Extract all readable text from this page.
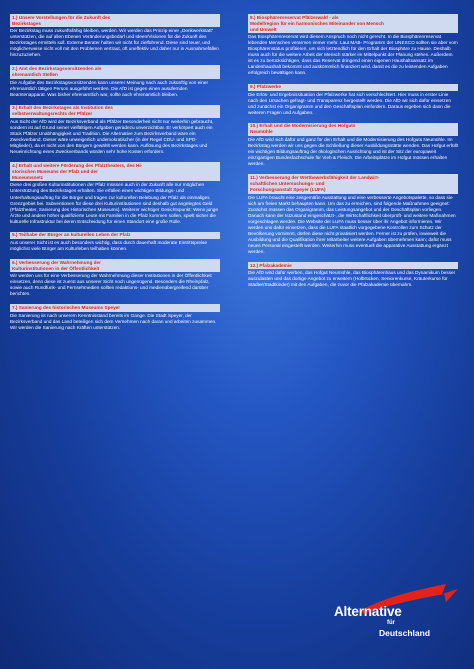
1.) Unsere Vorstellungen für die Zukunft des
Bezirkstages

Der Bezirkstag muss zukunftsfähig bleiben, werden. Wir werden das Prinzip einer „Denkwerkstatt“ unterstützen, die auf allen Ebenen Veränderungsbedarf und Ideen/Visionen für die Zukunft des Bezirkstages ermitteln soll. Externe Berater halten wir nicht für zielführend. Diese sind teuer, und möglicherweise nicht voll mit den Problemen vertraut, oft uneffektiv und daher nur in Ausnahmefällen hinzuzuziehen.

2.) Amt des Bezirkstagsvorsitzenden als
ehrenamtlich Stellen

Die Aufgabe des Bezirkstagsvorsitzenden kann unserer Meinung nach auch zukünftig von einer ehrenamtlich tätigen Person ausgeführt werden. Die AfD ist gegen einen ausufernden Beamtenapparat. Was bisher ehrenamtlich war, sollte auch ehrenamtlich bleiben.

3.) Erhalt des Bezirkstages als Institution des
selbstverwaltungsrechts der Pfälzer

Aus Sicht der AfD wird der Bezirksverband als Pfälzer Besonderheit nicht nur weiterhin gebraucht, sondern ist auf Grund seiner vielfältigen Aufgaben geradezu unverzichtbar. Er verkörpert auch ein Stück Pfälzer Unabhängigkeit und Tradition. Die Alternative zum Bezirksverband wäre ein Zweckverband. Dieser wäre unweigerlich undemokratischer (in der Regel CDU- und SPD- Mitglieder), da er nicht von den Bürgern gewählt werden kann. Auflösung des Bezirkstages und Neueinrichtung eines Zweckverbands würden sehr hohe Kosten erfordern.

4.) Erhalt und weitere Förderung des Pfalztheaters, des Hi-
storischen Museums der Pfalz und der
Museumsnetz

Diese drei großen Kulturinstitutionen der Pfalz müssen auch in der Zukunft alle nur möglichen Unterstützung des Bezirkstages erhalten. Sie erfüllen einen wichtigen Bildungs- und Unterhaltungsauftrag für die Bürger und tragen zur kulturellen Belebung der Pfalz als einmaliges Grenzgebiet bei. Subventionen für diese drei Kulturinstitutionen sind deshalb gut angelegtes Geld (Pfalztheater, Sanierung des Historischen Museums). Weiterer wichtiger Gesichtspunkt: Wenn junge Ärzte und andere höher qualifizierte Leute mit Familien in die Pfalz kommen sollen, spielt sicher die kulturelle Infrastruktur bei deren Entscheidung für einen Standort eine große Rolle.

5.) Teilhabe der Bürger an kulturellen Leben der Pfalz

Aus unserer Sicht ist es auch besonders wichtig, dass durch dauerhaft moderate Eintrittspreise möglichst viele Bürger am Kulturleben teilhaben können.

6.) Verbesserung der Wahrnehmung der
Kulturinstitutionen in der Öffentlichkeit

Wir werden uns für eine Verbesserung der Wahrnehmung dieser Institutionen in der Öffentlichkeit einsetzen, denn diese ist zuerst aus unserer Sicht noch ungenügend. Besonders die Rheinpfalz, sowie auch Rundfunk- und Fernsehmedien sollten redaktions- und medienübergreifend darüber berichten.

7.) Sanierung des historischen Museums Speyer

Die Sanierung ist nach unserem Kenntnisstand bereits im Gange. Die Stadt Speyer, der Bezirksverband und das Land beteiligen sich dem Vernehmen nach daran und arbeiten zusammen. Wir werden die Sanierung nach Kräften unterstützen.

8.) Biosphärenreservat Pfälzerwald - als
Modellregion für ein harmonisches Miteinander von Mensch
und Umwelt

Das Biosphärenreservat wird diesem Anspruch noch nicht gerecht. In die Biosphärenreservat lebenden Menschen verarmen immer mehr. Laut MAB- Programm der UNESCO sollten sie aber vom Biosphärenstatus profitieren, um sich letztendlich für den Erhalt der Biosphäre zu Hause. Deshalb muss auch für die weitere Arbeit der Mensch stärker im Mittelpunkt der Planung stehen. Außerdem ist es zu berücksichtigen, dass das Reservat dringend einen eigenen Haushaltsansatz im Landeshaushalt bekommt und auskömmlich finanziert wird, damit es die zu leistenden Aufgaben erfolgreich bewältigen kann.

9.) Pfalzwerke

Die Erlös- und Ergebnissituation der Pfalzwerke hat sich verschlechtert. Hier muss in erster Linie nach den Ursachen gefragt- und Transparenz hergestellt werden. Die AfD wir sich dafür einsetzen und zunächst ein Organigramm und den Geschäftsplan einfordern. Daraus ergeben sich dann die weiteren Fragen und Aufgaben.

10.) Erhalt und die Modernisierung des Hofguts
Neumühle

Die AfD wird sich dafür und ganz für den Erhalt und die Modernisierung des Hofguts Neumühle. Im Bezirkstag werden wir uns gegen die Schließung dieser Ausbildungsstätte wenden. Das Hofgut erfüllt ein wichtigen Bildungsauftrag der ökologischen Ausrichtung und ist der Sitz der europaweit einzigartigen Bundesfachschule für Vieh & Fleisch. Die Arbeitsplätze im Hofgut müssen erhalten werden.

11.) Verbesserung der Wettbewerbsfähigkeit der Landwirt-
schaftlichen Untersuchungs- und
Forschungsanstalt Speyer (LUFA)

Die LUFA braucht eine zeitgemäße Ausstattung und eine verbesserte Angebotspalette, so dass sie sich am freien Markt behaupten kann. Um das zu erreichen, sind folgende Maßnahmen geeignet: Zunächst müssen das Organigramm, das Leistungsangebot und der Geschäftsplan vorliegen. Danach kann der Istzustand eingeschätzt-, die Wirtschaftlichkeit überprüft- und weitere Maßnahmen vorgeschlagen werden. Die Website der LUFA muss besser über ihr Angebot informieren. Wir werden uns dafür einsetzen, dass die LUFA staatlich vorgegebene Kontrollen zum Schutz der Bevölkerung vornimmt, dürfen diese nicht privatisiert werden. Ferner ist zu prüfen, inwieweit die Ausbildung und die Qualifikation ihrer Mitarbeiter weitere Aufgaben übernehmen kann; dafür muss neues Personal eingestellt werden. Weiterhin muss eventuell die apparative Ausstattung ergänzt werden.

12.) Pfalzakademie

Die AfD wird dafür werben, das Hofgut Neumühle, das Biosphärenhaus und das Dynamikum besser auszulasten und das dortige Angebot zu erweitern (Holbrücken, Seniorenkurse, Kräuterkurse für Städter/Stadtkinder) mit den Aufgaben, die zuvor die Pfalzakademie übernahm.

Alternative
für
Deutschland
